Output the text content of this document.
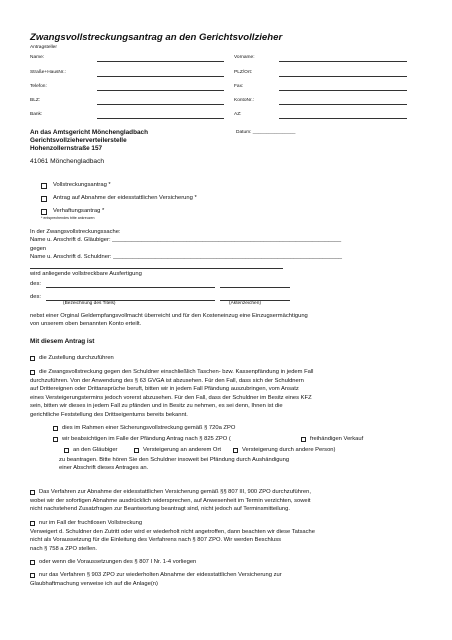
Zwangsvollstreckungsantrag an den Gerichtsvollzieher
Antragsteller
Name:	Vorname:
Straße+HausNr.:	PLZ/Ort:
Telefon:	Fax:
BLZ:	KontoNr.:
Bank:	AZ:
An das Amtsgericht Mönchengladbach
Gerichtsvollzieherverteilerstelle
Hohenzollernstraße 157
41061 Mönchengladbach
Datum: ________________
Vollstreckungsantrag *
Antrag auf Abnahme der eidesstattlichen Versicherung *
Verhaftungsantrag *
* entsprechendes bitte ankreuzen
In der Zwangsvollstreckungssache:
Name u. Anschrift d. Gläubiger: _______________________________________________________________________
gegen
Name u. Anschrift d. Schuldner: _______________________________________________________________________
wird anliegende vollstreckbare Ausfertigung
des:
des:
(Bezeichnung des Titels)	(Aktenzeichen)
nebst einer Orginal Geldempfangsvollmacht überreicht und für den Kosteneinzug eine Einzugsermächtigung
von unserem oben benannten Konto erteilt.
Mit diesem Antrag ist
die Zustellung durchzuführen
die Zwangsvollstreckung gegen den Schuldner einschließlich Taschen- bzw. Kassenpfändung in jedem Fall
durchzuführen. Von der Anwendung des § 63 GVGA ist abzusehen. Für den Fall, dass sich der Schuldnern
auf Drittereignen oder Drittansprüche beruft, bitten wir in jedem Fall Pfändung auszubringen, vom Ansatz
eines Versteigerungstermins jedoch vorerst abzusehen. Für den Fall, dass der Schuldner im Besitz eines KFZ
sein, bitten wir dieses in jedem Fall zu pfänden und in Besitz zu nehmen, es sei denn, Ihnen ist die
gerichtliche Feststellung des Drittseigentums bereits bekannt.
dies im Rahmen einer Sicherungsvollstreckung gemäß § 720a ZPO
wir beabsichtigen im Falle der Pfändung Antrag nach § 825 ZPO (	freihändigen Verkauf
an den Gläubiger	Versteigerung an anderem Ort	Versteigerung durch andere Person)
zu beantragen. Bitte hören Sie den Schuldner insoweit bei Pfändung durch Aushändigung
einer Abschrift dieses Antrages an.
Das Verfahren zur Abnahme der eidesstattlichen Versicherung gemäß §§ 807 III, 900 ZPO durchzuführen,
wobei wir der sofortigen Abnahme ausdrücklich widersprechen, auf Anwesenheit im Termin verzichten, soweit
nicht nachstehend Zusatzfragen zur Beantwortung beantragt sind, nicht jedoch auf Terminsmitteilung.
nur im Fall der fruchtlosen Vollstreckung
Verweigert d. Schuldner den Zutritt oder wird er wiederholt nicht angetroffen, dann beachten wir diese Tatsache
nicht als Voraussetzung für die Einleitung des Verfahrens nach § 807 ZPO. Wir werden Beschluss
nach § 758 a ZPO stellen.
oder wenn die Voraussetzungen des § 807 I Nr. 1-4 vorliegen
nur das Verfahren § 903 ZPO zur wiederholten Abnahme der eidesstattlichen Versicherung zur
Glaubhaftmachung verweise ich auf die Anlage(n)
